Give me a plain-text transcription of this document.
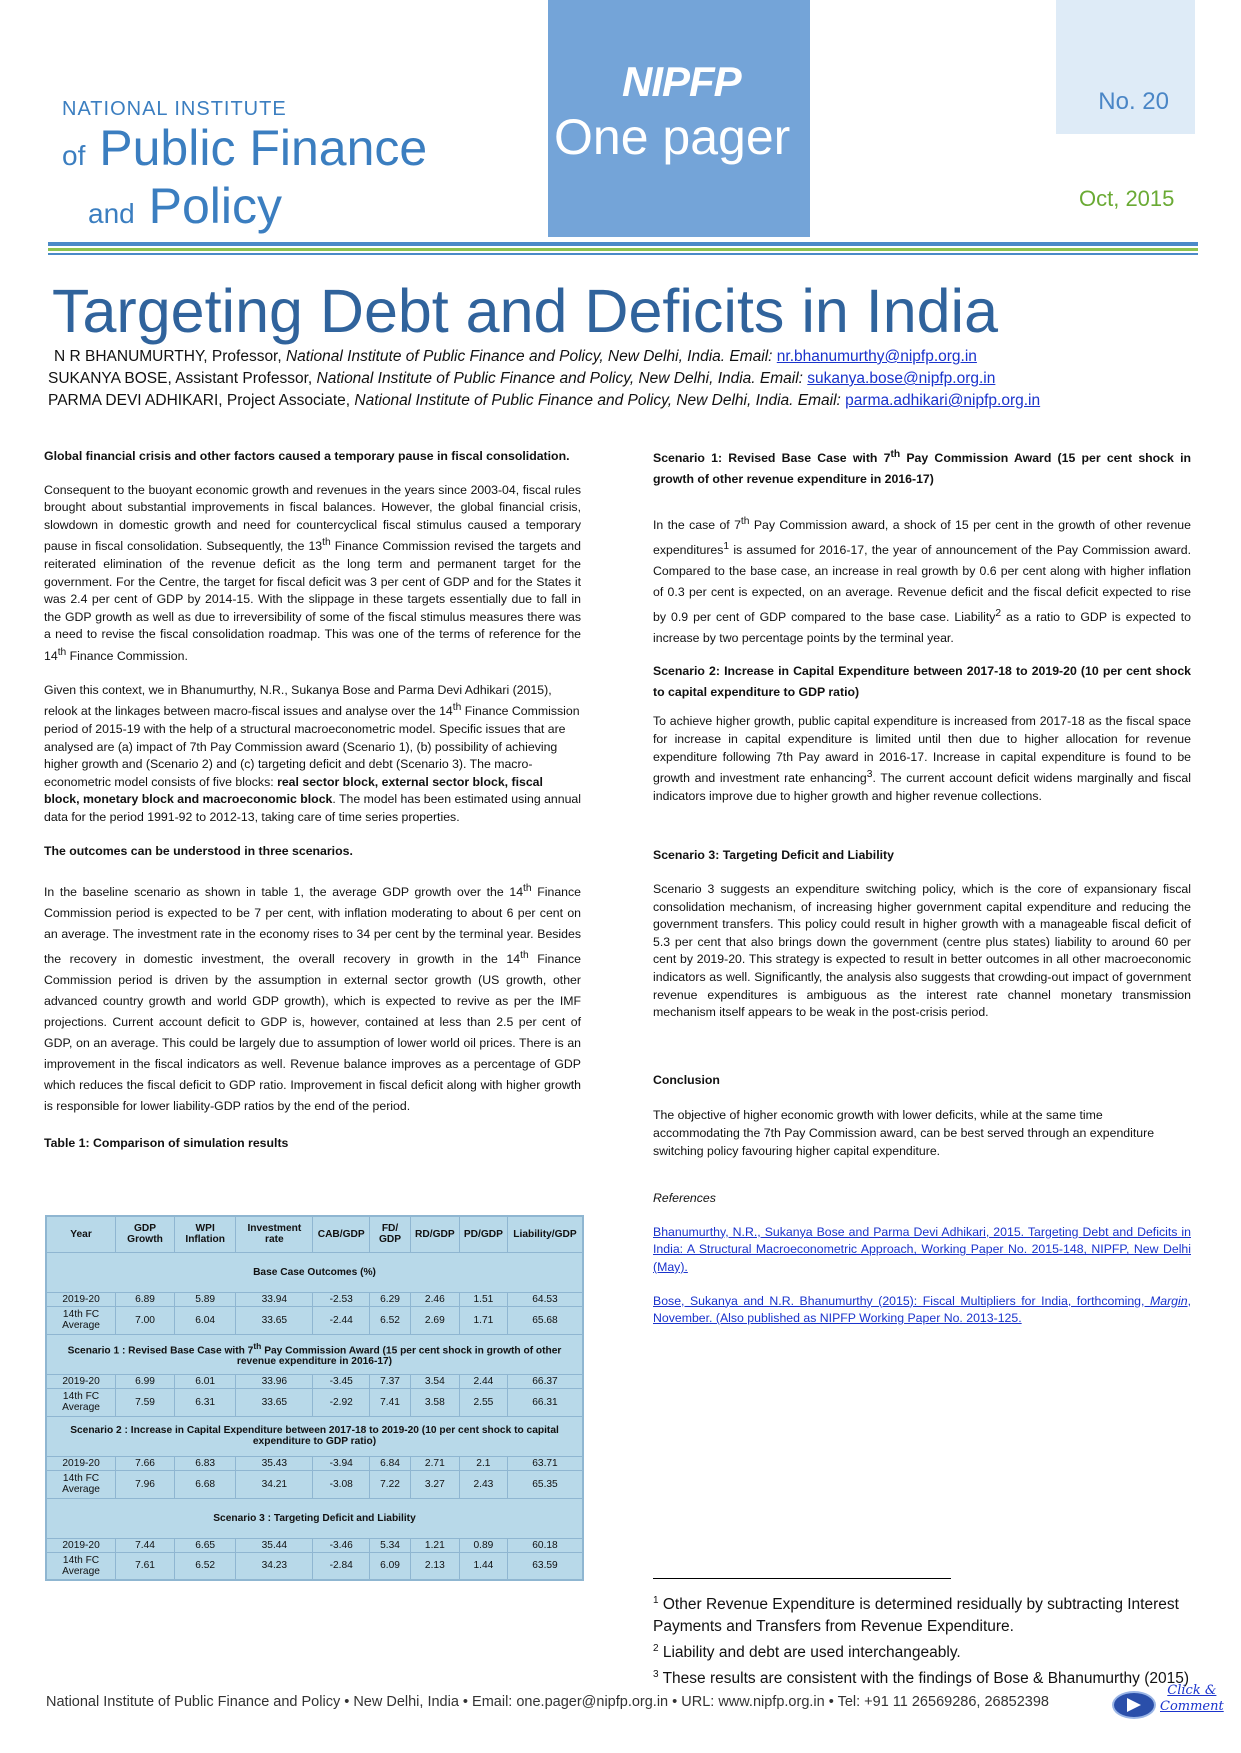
NATIONAL INSTITUTE
of Public Finance
and Policy
NIPFP
One pager
No. 20
Oct, 2015
Targeting Debt and Deficits in India
N R BHANUMURTHY, Professor, National Institute of Public Finance and Policy, New Delhi, India. Email: nr.bhanumurthy@nipfp.org.in
SUKANYA BOSE, Assistant Professor, National Institute of Public Finance and Policy, New Delhi, India. Email: sukanya.bose@nipfp.org.in
PARMA DEVI ADHIKARI, Project Associate, National Institute of Public Finance and Policy, New Delhi, India. Email: parma.adhikari@nipfp.org.in

Global financial crisis and other factors caused a temporary pause in fiscal consolidation.

Consequent to the buoyant economic growth and revenues in the years since 2003-04, fiscal rules brought about substantial improvements in fiscal balances. However, the global financial crisis, slowdown in domestic growth and need for countercyclical fiscal stimulus caused a temporary pause in fiscal consolidation. Subsequently, the 13th Finance Commission revised the targets and reiterated elimination of the revenue deficit as the long term and permanent target for the government. For the Centre, the target for fiscal deficit was 3 per cent of GDP and for the States it was 2.4 per cent of GDP by 2014-15. With the slippage in these targets essentially due to fall in the GDP growth as well as due to irreversibility of some of the fiscal stimulus measures there was a need to revise the fiscal consolidation roadmap. This was one of the terms of reference for the 14th Finance Commission.

Given this context, we in Bhanumurthy, N.R., Sukanya Bose and Parma Devi Adhikari (2015), relook at the linkages between macro-fiscal issues and analyse over the 14th Finance Commission period of 2015-19 with the help of a structural macroeconometric model. Specific issues that are analysed are (a) impact of 7th Pay Commission award (Scenario 1), (b) possibility of achieving higher growth and (Scenario 2) and (c) targeting deficit and debt (Scenario 3). The macro-econometric model consists of five blocks: real sector block, external sector block, fiscal block, monetary block and macroeconomic block. The model has been estimated using annual data for the period 1991-92 to 2012-13, taking care of time series properties.

The outcomes can be understood in three scenarios.

In the baseline scenario as shown in table 1, the average GDP growth over the 14th Finance Commission period is expected to be 7 per cent, with inflation moderating to about 6 per cent on an average. The investment rate in the economy rises to 34 per cent by the terminal year. Besides the recovery in domestic investment, the overall recovery in growth in the 14th Finance Commission period is driven by the assumption in external sector growth (US growth, other advanced country growth and world GDP growth), which is expected to revive as per the IMF projections. Current account deficit to GDP is, however, contained at less than 2.5 per cent of GDP, on an average. This could be largely due to assumption of lower world oil prices. There is an improvement in the fiscal indicators as well. Revenue balance improves as a percentage of GDP which reduces the fiscal deficit to GDP ratio. Improvement in fiscal deficit along with higher growth is responsible for lower liability-GDP ratios by the end of the period.

Table 1: Comparison of simulation results

Year	GDP Growth	WPI Inflation	Investment rate	CAB/GDP	FD/ GDP	RD/GDP	PD/GDP	Liability/GDP
Base Case Outcomes (%)								
2019-20	6.89	5.89	33.94	-2.53	6.29	2.46	1.51	64.53
14th FC Average	7.00	6.04	33.65	-2.44	6.52	2.69	1.71	65.68
Scenario 1 : Revised Base Case with 7th Pay Commission Award (15 per cent shock in growth of other revenue expenditure in 2016-17)								
2019-20	6.99	6.01	33.96	-3.45	7.37	3.54	2.44	66.37
14th FC Average	7.59	6.31	33.65	-2.92	7.41	3.58	2.55	66.31
Scenario 2 : Increase in Capital Expenditure between 2017-18 to 2019-20 (10 per cent shock to capital expenditure to GDP ratio)								
2019-20	7.66	6.83	35.43	-3.94	6.84	2.71	2.1	63.71
14th FC Average	7.96	6.68	34.21	-3.08	7.22	3.27	2.43	65.35
Scenario 3 : Targeting Deficit and Liability								
2019-20	7.44	6.65	35.44	-3.46	5.34	1.21	0.89	60.18
14th FC Average	7.61	6.52	34.23	-2.84	6.09	2.13	1.44	63.59

Scenario 1: Revised Base Case with 7th Pay Commission Award (15 per cent shock in growth of other revenue expenditure in 2016-17)

In the case of 7th Pay Commission award, a shock of 15 per cent in the growth of other revenue expenditures$^1$ is assumed for 2016-17, the year of announcement of the Pay Commission award. Compared to the base case, an increase in real growth by 0.6 per cent along with higher inflation of 0.3 per cent is expected, on an average. Revenue deficit and the fiscal deficit expected to rise by 0.9 per cent of GDP compared to the base case. Liability$^2$ as a ratio to GDP is expected to increase by two percentage points by the terminal year.

Scenario 2: Increase in Capital Expenditure between 2017-18 to 2019-20 (10 per cent shock to capital expenditure to GDP ratio)

To achieve higher growth, public capital expenditure is increased from 2017-18 as the fiscal space for increase in capital expenditure is limited until then due to higher allocation for revenue expenditure following 7th Pay award in 2016-17. Increase in capital expenditure is found to be growth and investment rate enhancing$^3$. The current account deficit widens marginally and fiscal indicators improve due to higher growth and higher revenue collections.

Scenario 3: Targeting Deficit and Liability

Scenario 3 suggests an expenditure switching policy, which is the core of expansionary fiscal consolidation mechanism, of increasing higher government capital expenditure and reducing the government transfers. This policy could result in higher growth with a manageable fiscal deficit of 5.3 per cent that also brings down the government (centre plus states) liability to around 60 per cent by 2019-20. This strategy is expected to result in better outcomes in all other macroeconomic indicators as well. Significantly, the analysis also suggests that crowding-out impact of government revenue expenditures is ambiguous as the interest rate channel monetary transmission mechanism itself appears to be weak in the post-crisis period.

Conclusion

The objective of higher economic growth with lower deficits, while at the same time accommodating the 7th Pay Commission award, can be best served through an expenditure switching policy favouring higher capital expenditure.

References

Bhanumurthy, N.R., Sukanya Bose and Parma Devi Adhikari, 2015. Targeting Debt and Deficits in India: A Structural Macroeconometric Approach, Working Paper No. 2015-148, NIPFP, New Delhi (May).

Bose, Sukanya and N.R. Bhanumurthy (2015): Fiscal Multipliers for India, forthcoming, Margin, November. (Also published as NIPFP Working Paper No. 2013-125.

$^1$ Other Revenue Expenditure is determined residually by subtracting Interest Payments and Transfers from Revenue Expenditure.
$^2$ Liability and debt are used interchangeably.
$^3$ These results are consistent with the findings of Bose & Bhanumurthy (2015)
National Institute of Public Finance and Policy • New Delhi, India • Email: one.pager@nipfp.org.in • URL: www.nipfp.org.in • Tel: +91 11 26569286, 26852398
Click &
Comment
